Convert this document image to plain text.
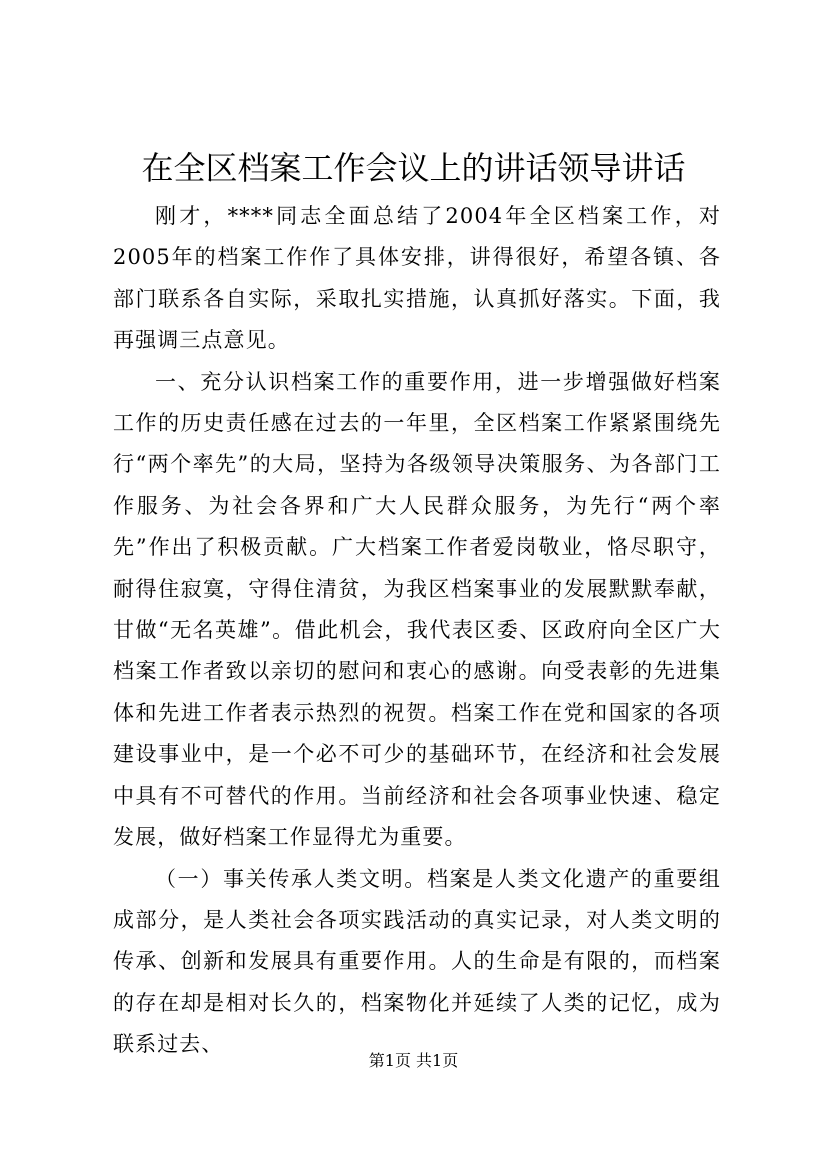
在全区档案工作会议上的讲话领导讲话

刚才，****同志全面总结了2004年全区档案工作，对2005年的档案工作作了具体安排，讲得很好，希望各镇、各部门联系各自实际，采取扎实措施，认真抓好落实。下面，我再强调三点意见。

一、充分认识档案工作的重要作用，进一步增强做好档案工作的历史责任感在过去的一年里，全区档案工作紧紧围绕先行“两个率先”的大局，坚持为各级领导决策服务、为各部门工作服务、为社会各界和广大人民群众服务，为先行“两个率先”作出了积极贡献。广大档案工作者爱岗敬业，恪尽职守，耐得住寂寞，守得住清贫，为我区档案事业的发展默默奉献，甘做“无名英雄”。借此机会，我代表区委、区政府向全区广大档案工作者致以亲切的慰问和衷心的感谢。向受表彰的先进集体和先进工作者表示热烈的祝贺。档案工作在党和国家的各项建设事业中，是一个必不可少的基础环节，在经济和社会发展中具有不可替代的作用。当前经济和社会各项事业快速、稳定发展，做好档案工作显得尤为重要。

（一）事关传承人类文明。档案是人类文化遗产的重要组成部分，是人类社会各项实践活动的真实记录，对人类文明的传承、创新和发展具有重要作用。人的生命是有限的，而档案的存在却是相对长久的，档案物化并延续了人类的记忆，成为联系过去、

第1页 共1页
